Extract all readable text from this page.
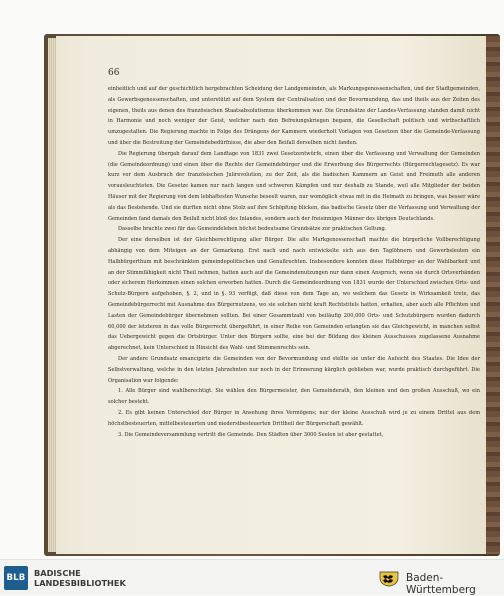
66

einheitlich und auf der geschichtlich hergebrachten Scheidung der Landgemeinden, als Markungsgenossenschaften, und der Stadtgemeinden, als Gewerbsgenossenschaften, und unterstützt auf dem System der Centralisation und der Bevormundung, das und theils aus der Zeiten des eigenen, theils aus denen des französischen Staatsabsolutismus überkommen war. Die Grundsätze der Landes-Verfassung standen damit nicht in Harmonie und noch weniger der Geist, welcher nach den Befreiungskriegen begann, die Gesellschaft politisch und wirthschaftlich umzugestalten. Die Regierung machte in Folge des Drängens der Kammern wiederholt Vorlagen von Gesetzen über die Gemeinde-Verfassung und über die Bestreitung der Gemeindebedürfnisse, die aber den Beifall derselben nicht fanden.

Die Regierung übergab darauf dem Landtage von 1831 zwei Gesetzentwürfe, einen über die Verfassung und Verwaltung der Gemeinden (die Gemeindeordnung) und einen über die Rechte der Gemeindebürger und die Erwerbung des Bürgerrechts (Bürgerrechtsgesetz). Es war kurz vor dem Ausbruch der französischen Julirevolution, zu der Zeit, als die badischen Kammern an Geist und Freimuth alle anderen vorausleuchteten. Die Gesetze kamen nur nach langen und schweren Kämpfen und nur deshalb zu Stande, weil alle Mitglieder der beiden Häuser mit der Regierung von dem lebhaftesten Wunsche beseelt waren, nur womöglich etwas mit in die Heimath zu bringen, was besser wäre als das Bestehende. Und sie durften nicht ohne Stolz auf ihre Schöpfung blicken, das badische Gesetz über die Verfassung und Verwaltung der Gemeinden fand damals den Beifall nicht bloß des Inlandes, sondern auch der freisinnigen Männer des übrigen Deutschlands.

Dasselbe brachte zwei für das Gemeindeleben höchst bedeutsame Grundsätze zur praktischen Geltung.

Der eine derselben ist der Gleichberechtigung aller Bürger. Die alte Markgenossenschaft machte die bürgerliche Vollberechtigung abhängig von dem Miteigen an der Gemarkung. Erst nach und nach entwickelte sich aus den Taglöhnern und Gewerbsleuten ein Halbbürgerthum mit beschränkten gemeindepolitischen und Genußrechten. Insbesondere konnten diese Halbbürger an der Wahlbarkeit und an der Stimmfähigkeit nicht Theil nehmen, hatten auch auf die Gemeindenutzungen nur dann einen Anspruch, wenn sie durch Ortsverbänden oder sicherem Herkommen einen solchen erworben hatten. Durch die Gemeindeordnung von 1831 wurde der Unterschied zwischen Orts- und Schutz-Bürgern aufgehoben, §. 2, und in §. 93 verfügt, daß diese von dem Tage an, wo welchem das Gesetz in Wirksamkeit trete, das Gemeindebürgerrecht mit Ausnahme des Bürgernutzens, wo sie solchen nicht kraft Rechtstitels hatten, erhalten, aber auch alle Pflichten und Lasten der Gemeindebürger übernehmen sollten. Bei einer Gesammtzahl von beiläufig 200,000 Orts- und Schutzbürgern wurden dadurch 60,000 der letzteren in das volle Bürgerrecht übergeführt, in einer Reihe von Gemeinden erlangten sie das Gleichgewicht, in manchen selbst das Uebergewicht gegen die Ortsbürger. Unter den Bürgern sollte, eine bei der Bildung des kleinen Ausschusses zugelassene Ausnahme abgerechnet, kein Unterschied in Hinsicht des Wahl- und Stimmenrechts sein.

Der andere Grundsatz emancipirte die Gemeinden von der Bevormundung und stellte sie unter die Aufsicht des Staates. Die Idee der Selbstverwaltung, welche in den letzten Jahrzehnten nur noch in der Erinnerung kärglich geblieben war, wurde praktisch durchgeführt. Die Organisation war folgende:

1. Alle Bürger sind wahlberechtigt. Sie wählen den Bürgermeister, den Gemeinderath, den kleinen und den großen Ausschuß, wo ein solcher besteht.

2. Es gibt keinen Unterschied der Bürger in Ansehung ihres Vermögens; nur der kleine Ausschuß wird je zu einem Drittel aus dem höchstbesteuerten, mittelbesteuerten und niederstbesteuerten Drittheil der Bürgerschaft gewählt.

3. Die Gemeindeversammlung vertritt die Gemeinde. Den Städten über 3000 Seelen ist aber gestattet,

BLB	BADISCHE
LANDESBIBLIOTHEK	Baden-Württemberg
